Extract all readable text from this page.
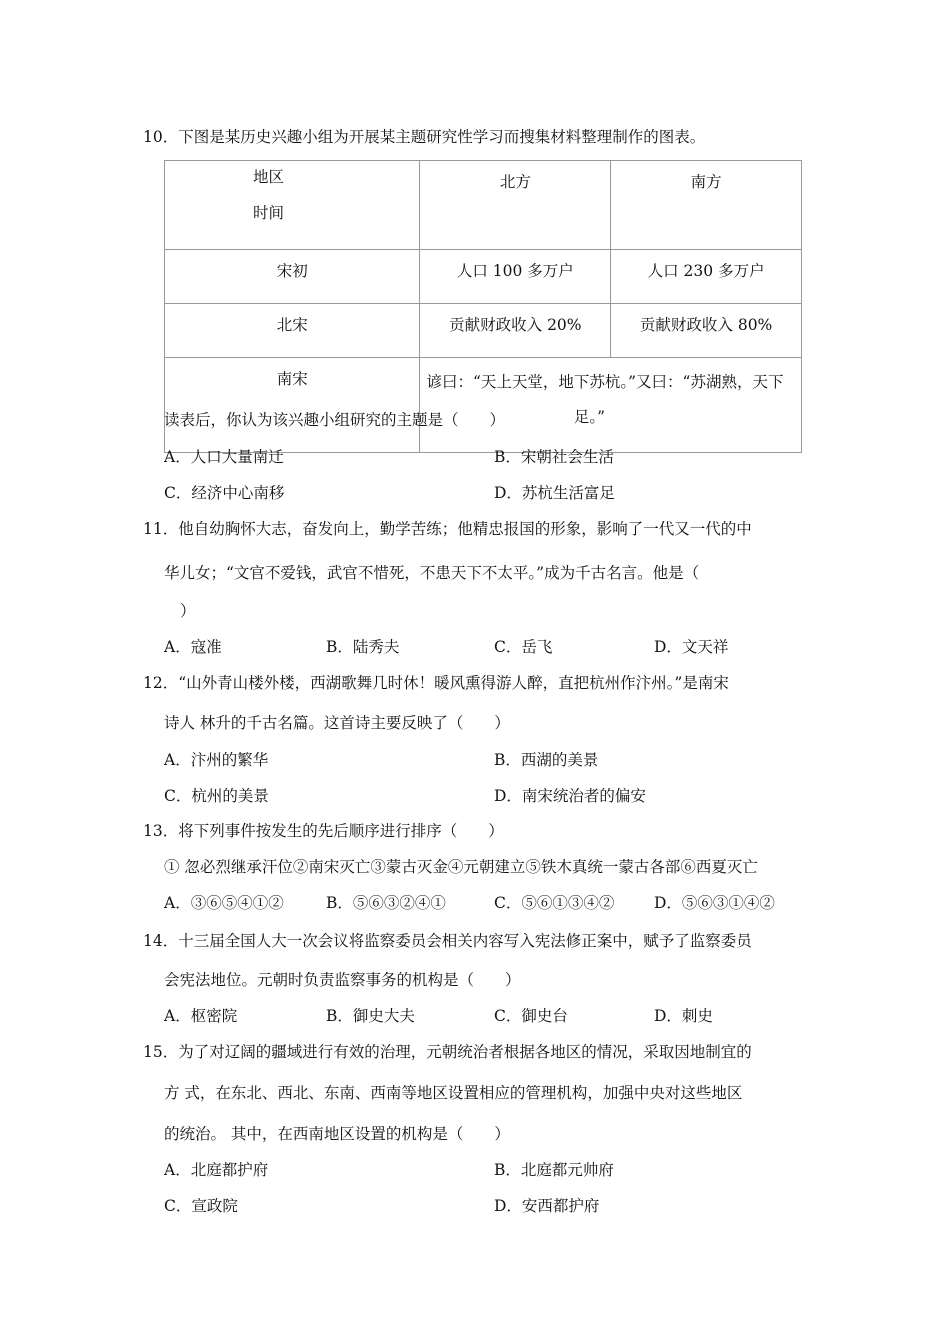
10．下图是某历史兴趣小组为开展某主题研究性学习而搜集材料整理制作的图表。
地区
时间	北方	南方
宋初	人口 100 多万户	人口 230 多万户
北宋	贡献财政收入 20%	贡献财政收入 80%
南宋	谚曰：“天上天堂，地下苏杭。”又曰：“苏湖熟，天下
足。”	
读表后，你认为该兴趣小组研究的主题是（　　）
A．人口大量南迁	B．宋朝社会生活
C．经济中心南移	D．苏杭生活富足
11．他自幼胸怀大志，奋发向上，勤学苦练；他精忠报国的形象，影响了一代又一代的中
华儿女；“文官不爱钱，武官不惜死，不患天下不太平。”成为千古名言。他是（
）
A．寇准	B．陆秀夫	C．岳飞	D．文天祥
12．“山外青山楼外楼，西湖歌舞几时休！暖风熏得游人醉，直把杭州作汴州。”是南宋
诗人 林升的千古名篇。这首诗主要反映了（　　）
A．汴州的繁华	B．西湖的美景
C．杭州的美景	D．南宋统治者的偏安
13．将下列事件按发生的先后顺序进行排序（　　）
① 忽必烈继承汗位②南宋灭亡③蒙古灭金④元朝建立⑤铁木真统一蒙古各部⑥西夏灭亡
A．③⑥⑤④①②	B．⑤⑥③②④①	C．⑤⑥①③④②	D．⑤⑥③①④②
14．十三届全国人大一次会议将监察委员会相关内容写入宪法修正案中，赋予了监察委员
会宪法地位。元朝时负责监察事务的机构是（　　）
A．枢密院	B．御史大夫	C．御史台	D．刺史
15．为了对辽阔的疆域进行有效的治理，元朝统治者根据各地区的情况，采取因地制宜的
方 式，在东北、西北、东南、西南等地区设置相应的管理机构，加强中央对这些地区
的统治。 其中，在西南地区设置的机构是（　　）
A．北庭都护府	B．北庭都元帅府
C．宣政院	D．安西都护府
